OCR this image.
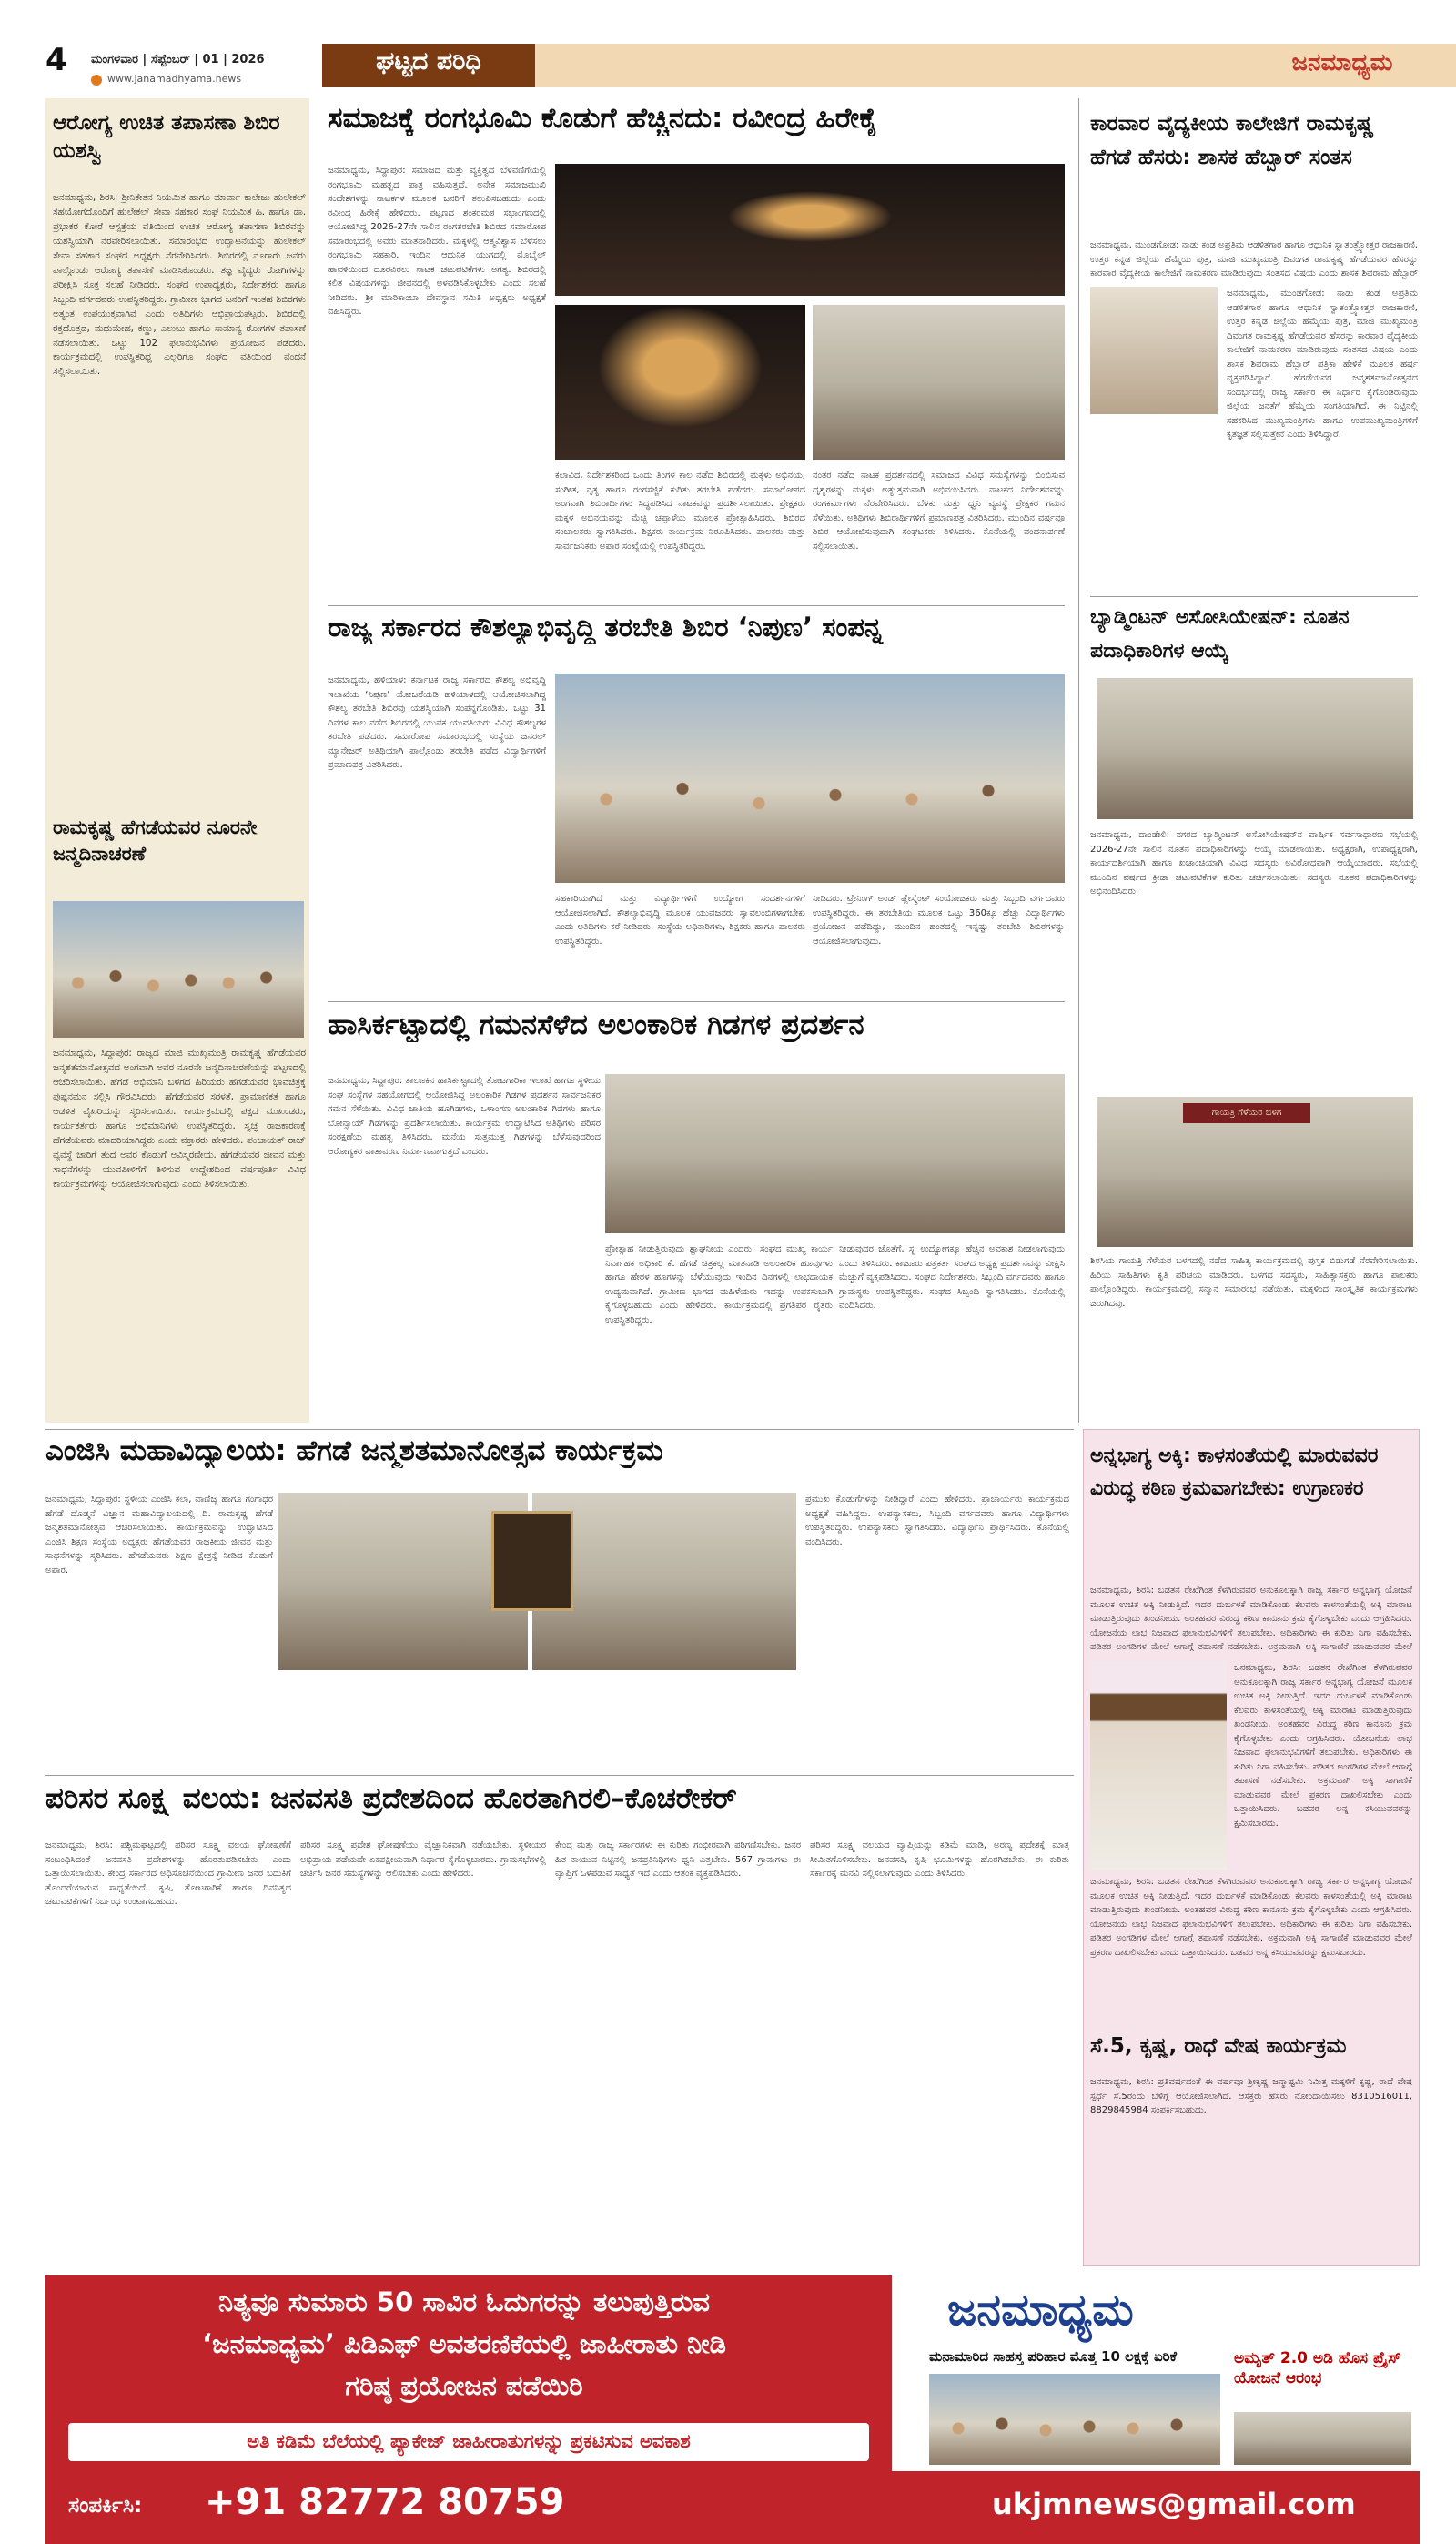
4 ಮಂಗಳವಾರ | ಸೆಪ್ಟೆಂಬರ್ | 01 | 2026
www.janamadhyama.news
ಘಟ್ಟದ ಪರಿಧಿ	ಜನಮಾಧ್ಯಮ
ಆರೋಗ್ಯ ಉಚಿತ ತಪಾಸಣಾ ಶಿಬಿರ ಯಶಸ್ವಿ
ಜನಮಾಧ್ಯಮ, ಶಿರಸಿ: ಶ್ರೀನಿಕೇತನ ನಿಯಮಿತ ಹಾಗೂ ಮಾರ್ವಾ ಕಾಲೇಜು ಹುಲೇಕಲ್ ಸಹಯೋಗದೊಂದಿಗೆ ಹುಲೇಕಲ್ ಸೇವಾ ಸಹಕಾರ ಸಂಘ ನಿಯಮಿತ ಹಿ. ಹಾಗೂ ಡಾ. ಪ್ರಭಾಕರ ಕೋರೆ ಆಸ್ಪತ್ರೆಯ ವತಿಯಿಂದ ಉಚಿತ ಆರೋಗ್ಯ ತಪಾಸಣಾ ಶಿಬಿರವನ್ನು ಯಶಸ್ವಿಯಾಗಿ ನೆರವೇರಿಸಲಾಯಿತು. ಸಮಾರಂಭದ ಉದ್ಘಾಟನೆಯನ್ನು ಹುಲೇಕಲ್ ಸೇವಾ ಸಹಕಾರ ಸಂಘದ ಅಧ್ಯಕ್ಷರು ನೆರವೇರಿಸಿದರು. ಶಿಬಿರದಲ್ಲಿ ನೂರಾರು ಜನರು ಪಾಲ್ಗೊಂಡು ಆರೋಗ್ಯ ತಪಾಸಣೆ ಮಾಡಿಸಿಕೊಂಡರು. ತಜ್ಞ ವೈದ್ಯರು ರೋಗಿಗಳನ್ನು ಪರೀಕ್ಷಿಸಿ ಸೂಕ್ತ ಸಲಹೆ ನೀಡಿದರು. ಸಂಘದ ಉಪಾಧ್ಯಕ್ಷರು, ನಿರ್ದೇಶಕರು ಹಾಗೂ ಸಿಬ್ಬಂದಿ ವರ್ಗದವರು ಉಪಸ್ಥಿತರಿದ್ದರು. ಗ್ರಾಮೀಣ ಭಾಗದ ಜನರಿಗೆ ಇಂತಹ ಶಿಬಿರಗಳು ಅತ್ಯಂತ ಉಪಯುಕ್ತವಾಗಿವೆ ಎಂದು ಅತಿಥಿಗಳು ಅಭಿಪ್ರಾಯಪಟ್ಟರು. ಶಿಬಿರದಲ್ಲಿ ರಕ್ತದೊತ್ತಡ, ಮಧುಮೇಹ, ಕಣ್ಣು, ಎಲುಬು ಹಾಗೂ ಸಾಮಾನ್ಯ ರೋಗಗಳ ತಪಾಸಣೆ ನಡೆಸಲಾಯಿತು. ಒಟ್ಟು 102 ಫಲಾನುಭವಿಗಳು ಪ್ರಯೋಜನ ಪಡೆದರು. ಕಾರ್ಯಕ್ರಮದಲ್ಲಿ ಉಪಸ್ಥಿತರಿದ್ದ ಎಲ್ಲರಿಗೂ ಸಂಘದ ವತಿಯಿಂದ ವಂದನೆ ಸಲ್ಲಿಸಲಾಯಿತು.
ರಾಮಕೃಷ್ಣ ಹೆಗಡೆಯವರ ನೂರನೇ ಜನ್ಮದಿನಾಚರಣೆ
ಜನಮಾಧ್ಯಮ, ಸಿದ್ದಾಪುರ: ರಾಜ್ಯದ ಮಾಜಿ ಮುಖ್ಯಮಂತ್ರಿ ರಾಮಕೃಷ್ಣ ಹೆಗಡೆಯವರ ಜನ್ಮಶತಮಾನೋತ್ಸವದ ಅಂಗವಾಗಿ ಅವರ ನೂರನೇ ಜನ್ಮದಿನಾಚರಣೆಯನ್ನು ಪಟ್ಟಣದಲ್ಲಿ ಆಚರಿಸಲಾಯಿತು. ಹೆಗಡೆ ಅಭಿಮಾನಿ ಬಳಗದ ಹಿರಿಯರು ಹೆಗಡೆಯವರ ಭಾವಚಿತ್ರಕ್ಕೆ ಪುಷ್ಪನಮನ ಸಲ್ಲಿಸಿ ಗೌರವಿಸಿದರು. ಹೆಗಡೆಯವರ ಸರಳತೆ, ಪ್ರಾಮಾಣಿಕತೆ ಹಾಗೂ ಆಡಳಿತ ವೈಖರಿಯನ್ನು ಸ್ಮರಿಸಲಾಯಿತು. ಕಾರ್ಯಕ್ರಮದಲ್ಲಿ ಪಕ್ಷದ ಮುಖಂಡರು, ಕಾರ್ಯಕರ್ತರು ಹಾಗೂ ಅಭಿಮಾನಿಗಳು ಉಪಸ್ಥಿತರಿದ್ದರು. ಸ್ವಚ್ಛ ರಾಜಕಾರಣಕ್ಕೆ ಹೆಗಡೆಯವರು ಮಾದರಿಯಾಗಿದ್ದರು ಎಂದು ವಕ್ತಾರರು ಹೇಳಿದರು. ಪಂಚಾಯತ್ ರಾಜ್ ವ್ಯವಸ್ಥೆ ಜಾರಿಗೆ ತಂದ ಅವರ ಕೊಡುಗೆ ಅವಿಸ್ಮರಣೀಯ. ಹೆಗಡೆಯವರ ಜೀವನ ಮತ್ತು ಸಾಧನೆಗಳನ್ನು ಯುವಪೀಳಿಗೆಗೆ ತಿಳಿಸುವ ಉದ್ದೇಶದಿಂದ ವರ್ಷಪೂರ್ತಿ ವಿವಿಧ ಕಾರ್ಯಕ್ರಮಗಳನ್ನು ಆಯೋಜಿಸಲಾಗುವುದು ಎಂದು ತಿಳಿಸಲಾಯಿತು.
ಸಮಾಜಕ್ಕೆ ರಂಗಭೂಮಿ ಕೊಡುಗೆ ಹೆಚ್ಚಿನದು: ರವೀಂದ್ರ ಹಿರೇಕೈ
ಜನಮಾಧ್ಯಮ, ಸಿದ್ದಾಪುರ: ಸಮಾಜದ ಮತ್ತು ವ್ಯಕ್ತಿತ್ವದ ಬೆಳವಣಿಗೆಯಲ್ಲಿ ರಂಗಭೂಮಿ ಮಹತ್ವದ ಪಾತ್ರ ವಹಿಸುತ್ತದೆ. ಅನೇಕ ಸಮಾಜಮುಖಿ ಸಂದೇಶಗಳನ್ನು ನಾಟಕಗಳ ಮೂಲಕ ಜನರಿಗೆ ತಲುಪಿಸಬಹುದು ಎಂದು ರವೀಂದ್ರ ಹಿರೇಕೈ ಹೇಳಿದರು. ಪಟ್ಟಣದ ಶಂಕರಮಠ ಸಭಾಂಗಣದಲ್ಲಿ ಆಯೋಜಿಸಿದ್ದ 2026-27ನೇ ಸಾಲಿನ ರಂಗತರಬೇತಿ ಶಿಬಿರದ ಸಮಾರೋಪ ಸಮಾರಂಭದಲ್ಲಿ ಅವರು ಮಾತನಾಡಿದರು. ಮಕ್ಕಳಲ್ಲಿ ಆತ್ಮವಿಶ್ವಾಸ ಬೆಳೆಸಲು ರಂಗಭೂಮಿ ಸಹಕಾರಿ. ಇಂದಿನ ಆಧುನಿಕ ಯುಗದಲ್ಲಿ ಮೊಬೈಲ್ ಹಾವಳಿಯಿಂದ ದೂರವಿರಲು ನಾಟಕ ಚಟುವಟಿಕೆಗಳು ಅಗತ್ಯ. ಶಿಬಿರದಲ್ಲಿ ಕಲಿತ ವಿಷಯಗಳನ್ನು ಜೀವನದಲ್ಲಿ ಅಳವಡಿಸಿಕೊಳ್ಳಬೇಕು ಎಂದು ಸಲಹೆ ನೀಡಿದರು. ಶ್ರೀ ಮಾರಿಕಾಂಬಾ ದೇವಸ್ಥಾನ ಸಮಿತಿ ಅಧ್ಯಕ್ಷರು ಅಧ್ಯಕ್ಷತೆ ವಹಿಸಿದ್ದರು.
ಕಲಾವಿದ, ನಿರ್ದೇಶಕರಿಂದ ಒಂದು ತಿಂಗಳ ಕಾಲ ನಡೆದ ಶಿಬಿರದಲ್ಲಿ ಮಕ್ಕಳು ಅಭಿನಯ, ಸಂಗೀತ, ನೃತ್ಯ ಹಾಗೂ ರಂಗಸಜ್ಜಿಕೆ ಕುರಿತು ತರಬೇತಿ ಪಡೆದರು. ಸಮಾರೋಪದ ಅಂಗವಾಗಿ ಶಿಬಿರಾರ್ಥಿಗಳು ಸಿದ್ಧಪಡಿಸಿದ ನಾಟಕವನ್ನು ಪ್ರದರ್ಶಿಸಲಾಯಿತು. ಪ್ರೇಕ್ಷಕರು ಮಕ್ಕಳ ಅಭಿನಯವನ್ನು ಮೆಚ್ಚಿ ಚಪ್ಪಾಳೆಯ ಮೂಲಕ ಪ್ರೋತ್ಸಾಹಿಸಿದರು. ಶಿಬಿರದ ಸಂಚಾಲಕರು ಸ್ವಾಗತಿಸಿದರು. ಶಿಕ್ಷಕರು ಕಾರ್ಯಕ್ರಮ ನಿರೂಪಿಸಿದರು. ಪಾಲಕರು ಮತ್ತು ಸಾರ್ವಜನಿಕರು ಅಪಾರ ಸಂಖ್ಯೆಯಲ್ಲಿ ಉಪಸ್ಥಿತರಿದ್ದರು.
ನಂತರ ನಡೆದ ನಾಟಕ ಪ್ರದರ್ಶನದಲ್ಲಿ ಸಮಾಜದ ವಿವಿಧ ಸಮಸ್ಯೆಗಳನ್ನು ಬಿಂಬಿಸುವ ದೃಶ್ಯಗಳನ್ನು ಮಕ್ಕಳು ಅತ್ಯುತ್ತಮವಾಗಿ ಅಭಿನಯಿಸಿದರು. ನಾಟಕದ ನಿರ್ದೇಶನವನ್ನು ರಂಗಕರ್ಮಿಗಳು ನೆರವೇರಿಸಿದರು. ಬೆಳಕು ಮತ್ತು ಧ್ವನಿ ವ್ಯವಸ್ಥೆ ಪ್ರೇಕ್ಷಕರ ಗಮನ ಸೆಳೆಯಿತು. ಅತಿಥಿಗಳು ಶಿಬಿರಾರ್ಥಿಗಳಿಗೆ ಪ್ರಮಾಣಪತ್ರ ವಿತರಿಸಿದರು. ಮುಂದಿನ ವರ್ಷವೂ ಶಿಬಿರ ಆಯೋಜಿಸುವುದಾಗಿ ಸಂಘಟಕರು ತಿಳಿಸಿದರು. ಕೊನೆಯಲ್ಲಿ ವಂದನಾರ್ಪಣೆ ಸಲ್ಲಿಸಲಾಯಿತು.
ರಾಜ್ಯ ಸರ್ಕಾರದ ಕೌಶಲ್ಯಾಭಿವೃದ್ಧಿ ತರಬೇತಿ ಶಿಬಿರ ‘ನಿಪುಣ’ ಸಂಪನ್ನ
ಜನಮಾಧ್ಯಮ, ಹಳಿಯಾಳ: ಕರ್ನಾಟಕ ರಾಜ್ಯ ಸರ್ಕಾರದ ಕೌಶಲ್ಯ ಅಭಿವೃದ್ಧಿ ಇಲಾಖೆಯ ‘ನಿಪುಣ’ ಯೋಜನೆಯಡಿ ಹಳಿಯಾಳದಲ್ಲಿ ಆಯೋಜಿಸಲಾಗಿದ್ದ ಕೌಶಲ್ಯ ತರಬೇತಿ ಶಿಬಿರವು ಯಶಸ್ವಿಯಾಗಿ ಸಂಪನ್ನಗೊಂಡಿತು. ಒಟ್ಟು 31 ದಿನಗಳ ಕಾಲ ನಡೆದ ಶಿಬಿರದಲ್ಲಿ ಯುವಕ ಯುವತಿಯರು ವಿವಿಧ ಕೌಶಲ್ಯಗಳ ತರಬೇತಿ ಪಡೆದರು. ಸಮಾರೋಪ ಸಮಾರಂಭದಲ್ಲಿ ಸಂಸ್ಥೆಯ ಜನರಲ್ ಮ್ಯಾನೇಜರ್ ಅತಿಥಿಯಾಗಿ ಪಾಲ್ಗೊಂಡು ತರಬೇತಿ ಪಡೆದ ವಿದ್ಯಾರ್ಥಿಗಳಿಗೆ ಪ್ರಮಾಣಪತ್ರ ವಿತರಿಸಿದರು.
ಸಹಕಾರಿಯಾಗಿದೆ ಮತ್ತು ವಿದ್ಯಾರ್ಥಿಗಳಿಗೆ ಉದ್ಯೋಗ ಸಂದರ್ಶನಗಳಿಗೆ ಆಯೋಜಿಸಲಾಗಿದೆ. ಕೌಶಲ್ಯಾಭಿವೃದ್ಧಿ ಮೂಲಕ ಯುವಜನರು ಸ್ವಾವಲಂಬಿಗಳಾಗಬೇಕು ಎಂದು ಅತಿಥಿಗಳು ಕರೆ ನೀಡಿದರು. ಸಂಸ್ಥೆಯ ಅಧಿಕಾರಿಗಳು, ಶಿಕ್ಷಕರು ಹಾಗೂ ಪಾಲಕರು ಉಪಸ್ಥಿತರಿದ್ದರು.
ನೀಡಿದರು. ಟ್ರೇನಿಂಗ್ ಅಂಡ್ ಪ್ಲೇಸ್ಮೆಂಟ್ ಸಂಯೋಜಕರು ಮತ್ತು ಸಿಬ್ಬಂದಿ ವರ್ಗದವರು ಉಪಸ್ಥಿತರಿದ್ದರು. ಈ ತರಬೇತಿಯ ಮೂಲಕ ಒಟ್ಟು 360ಕ್ಕೂ ಹೆಚ್ಚು ವಿದ್ಯಾರ್ಥಿಗಳು ಪ್ರಯೋಜನ ಪಡೆದಿದ್ದು, ಮುಂದಿನ ಹಂತದಲ್ಲಿ ಇನ್ನಷ್ಟು ತರಬೇತಿ ಶಿಬಿರಗಳನ್ನು ಆಯೋಜಿಸಲಾಗುವುದು.
ಹಾಸಿರ್ಕಟ್ಟಾದಲ್ಲಿ ಗಮನಸೆಳೆದ ಅಲಂಕಾರಿಕ ಗಿಡಗಳ ಪ್ರದರ್ಶನ
ಜನಮಾಧ್ಯಮ, ಸಿದ್ದಾಪುರ: ತಾಲೂಕಿನ ಹಾಸಿರ್ಕಟ್ಟಾದಲ್ಲಿ ತೋಟಗಾರಿಕಾ ಇಲಾಖೆ ಹಾಗೂ ಸ್ಥಳೀಯ ಸಂಘ ಸಂಸ್ಥೆಗಳ ಸಹಯೋಗದಲ್ಲಿ ಆಯೋಜಿಸಿದ್ದ ಅಲಂಕಾರಿಕ ಗಿಡಗಳ ಪ್ರದರ್ಶನ ಸಾರ್ವಜನಿಕರ ಗಮನ ಸೆಳೆಯಿತು. ವಿವಿಧ ಜಾತಿಯ ಹೂಗಿಡಗಳು, ಒಳಾಂಗಣ ಅಲಂಕಾರಿಕ ಗಿಡಗಳು ಹಾಗೂ ಬೋನ್ಸಾಯ್ ಗಿಡಗಳನ್ನು ಪ್ರದರ್ಶಿಸಲಾಯಿತು. ಕಾರ್ಯಕ್ರಮ ಉದ್ಘಾಟಿಸಿದ ಅತಿಥಿಗಳು ಪರಿಸರ ಸಂರಕ್ಷಣೆಯ ಮಹತ್ವ ತಿಳಿಸಿದರು. ಮನೆಯ ಸುತ್ತಮುತ್ತ ಗಿಡಗಳನ್ನು ಬೆಳೆಸುವುದರಿಂದ ಆರೋಗ್ಯಕರ ವಾತಾವರಣ ನಿರ್ಮಾಣವಾಗುತ್ತದೆ ಎಂದರು.
ಪ್ರೋತ್ಸಾಹ ನೀಡುತ್ತಿರುವುದು ಶ್ಲಾಘನೀಯ ಎಂದರು. ಸಂಘದ ಮುಖ್ಯ ಕಾರ್ಯ ನಿರ್ವಾಹಕ ಅಧಿಕಾರಿ ಕೆ. ಹೆಗಡೆ ಚಿತ್ರಕಲ್ಲ ಮಾತನಾಡಿ ಅಲಂಕಾರಿಕ ಹೂವುಗಳು ಹಾಗೂ ಹೇರಳ ಹೂಗಳನ್ನು ಬೆಳೆಯುವುದು ಇಂದಿನ ದಿನಗಳಲ್ಲಿ ಲಾಭದಾಯಕ ಉದ್ಯಮವಾಗಿದೆ. ಗ್ರಾಮೀಣ ಭಾಗದ ಮಹಿಳೆಯರು ಇದನ್ನು ಉಪಕಸುಬಾಗಿ ಕೈಗೊಳ್ಳಬಹುದು ಎಂದು ಹೇಳಿದರು. ಕಾರ್ಯಕ್ರಮದಲ್ಲಿ ಪ್ರಗತಿಪರ ರೈತರು ಉಪಸ್ಥಿತರಿದ್ದರು.
ನೀಡುವುದರ ಜೊತೆಗೆ, ಸ್ವ ಉದ್ಯೋಗಕ್ಕೂ ಹೆಚ್ಚಿನ ಅವಕಾಶ ನೀಡಲಾಗುವುದು ಎಂದು ತಿಳಿಸಿದರು. ಕಾಜೂರು ಪತ್ರಕರ್ತ ಸಂಘದ ಅಧ್ಯಕ್ಷ ಪ್ರದರ್ಶನವನ್ನು ವೀಕ್ಷಿಸಿ ಮೆಚ್ಚುಗೆ ವ್ಯಕ್ತಪಡಿಸಿದರು. ಸಂಘದ ನಿರ್ದೇಶಕರು, ಸಿಬ್ಬಂದಿ ವರ್ಗದವರು ಹಾಗೂ ಗ್ರಾಮಸ್ಥರು ಉಪಸ್ಥಿತರಿದ್ದರು. ಸಂಘದ ಸಿಬ್ಬಂದಿ ಸ್ವಾಗತಿಸಿದರು. ಕೊನೆಯಲ್ಲಿ ವಂದಿಸಿದರು.
ಕಾರವಾರ ವೈದ್ಯಕೀಯ ಕಾಲೇಜಿಗೆ ರಾಮಕೃಷ್ಣ ಹೆಗಡೆ ಹೆಸರು: ಶಾಸಕ ಹೆಬ್ಬಾರ್ ಸಂತಸ
ಜನಮಾಧ್ಯಮ, ಮುಂಡಗೋಡ: ನಾಡು ಕಂಡ ಅಪ್ರತಿಮ ಆಡಳಿತಗಾರ ಹಾಗೂ ಆಧುನಿಕ ಸ್ವಾತಂತ್ರ್ಯೋತ್ತರ ರಾಜಕಾರಣಿ, ಉತ್ತರ ಕನ್ನಡ ಜಿಲ್ಲೆಯ ಹೆಮ್ಮೆಯ ಪುತ್ರ, ಮಾಜಿ ಮುಖ್ಯಮಂತ್ರಿ ದಿವಂಗತ ರಾಮಕೃಷ್ಣ ಹೆಗಡೆಯವರ ಹೆಸರನ್ನು ಕಾರವಾರ ವೈದ್ಯಕೀಯ ಕಾಲೇಜಿಗೆ ನಾಮಕರಣ ಮಾಡಿರುವುದು ಸಂತಸದ ವಿಷಯ ಎಂದು ಶಾಸಕ ಶಿವರಾಮ ಹೆಬ್ಬಾರ್
ಜನಮಾಧ್ಯಮ, ಮುಂಡಗೋಡ: ನಾಡು ಕಂಡ ಅಪ್ರತಿಮ ಆಡಳಿತಗಾರ ಹಾಗೂ ಆಧುನಿಕ ಸ್ವಾತಂತ್ರ್ಯೋತ್ತರ ರಾಜಕಾರಣಿ, ಉತ್ತರ ಕನ್ನಡ ಜಿಲ್ಲೆಯ ಹೆಮ್ಮೆಯ ಪುತ್ರ, ಮಾಜಿ ಮುಖ್ಯಮಂತ್ರಿ ದಿವಂಗತ ರಾಮಕೃಷ್ಣ ಹೆಗಡೆಯವರ ಹೆಸರನ್ನು ಕಾರವಾರ ವೈದ್ಯಕೀಯ ಕಾಲೇಜಿಗೆ ನಾಮಕರಣ ಮಾಡಿರುವುದು ಸಂತಸದ ವಿಷಯ ಎಂದು ಶಾಸಕ ಶಿವರಾಮ ಹೆಬ್ಬಾರ್ ಪತ್ರಿಕಾ ಹೇಳಿಕೆ ಮೂಲಕ ಹರ್ಷ ವ್ಯಕ್ತಪಡಿಸಿದ್ದಾರೆ. ಹೆಗಡೆಯವರ ಜನ್ಮಶತಮಾನೋತ್ಸವದ ಸಂದರ್ಭದಲ್ಲಿ ರಾಜ್ಯ ಸರ್ಕಾರ ಈ ನಿರ್ಧಾರ ಕೈಗೊಂಡಿರುವುದು ಜಿಲ್ಲೆಯ ಜನತೆಗೆ ಹೆಮ್ಮೆಯ ಸಂಗತಿಯಾಗಿದೆ. ಈ ನಿಟ್ಟಿನಲ್ಲಿ ಸಹಕರಿಸಿದ ಮುಖ್ಯಮಂತ್ರಿಗಳು ಹಾಗೂ ಉಪಮುಖ್ಯಮಂತ್ರಿಗಳಿಗೆ ಕೃತಜ್ಞತೆ ಸಲ್ಲಿಸುತ್ತೇನೆ ಎಂದು ತಿಳಿಸಿದ್ದಾರೆ.
ಬ್ಯಾಡ್ಮಿಂಟನ್ ಅಸೋಸಿಯೇಷನ್: ನೂತನ ಪದಾಧಿಕಾರಿಗಳ ಆಯ್ಕೆ
ಜನಮಾಧ್ಯಮ, ದಾಂಡೇಲಿ: ನಗರದ ಬ್ಯಾಡ್ಮಿಂಟನ್ ಅಸೋಸಿಯೇಷನ್‌ನ ವಾರ್ಷಿಕ ಸರ್ವಸಾಧಾರಣ ಸಭೆಯಲ್ಲಿ 2026-27ನೇ ಸಾಲಿನ ನೂತನ ಪದಾಧಿಕಾರಿಗಳನ್ನು ಆಯ್ಕೆ ಮಾಡಲಾಯಿತು. ಅಧ್ಯಕ್ಷರಾಗಿ, ಉಪಾಧ್ಯಕ್ಷರಾಗಿ, ಕಾರ್ಯದರ್ಶಿಯಾಗಿ ಹಾಗೂ ಖಜಾಂಚಿಯಾಗಿ ವಿವಿಧ ಸದಸ್ಯರು ಅವಿರೋಧವಾಗಿ ಆಯ್ಕೆಯಾದರು. ಸಭೆಯಲ್ಲಿ ಮುಂದಿನ ವರ್ಷದ ಕ್ರೀಡಾ ಚಟುವಟಿಕೆಗಳ ಕುರಿತು ಚರ್ಚಿಸಲಾಯಿತು. ಸದಸ್ಯರು ನೂತನ ಪದಾಧಿಕಾರಿಗಳನ್ನು ಅಭಿನಂದಿಸಿದರು.
ಗಾಯತ್ರಿ ಗೆಳೆಯರ ಬಳಗ
ಶಿರಸಿಯ ಗಾಯತ್ರಿ ಗೆಳೆಯರ ಬಳಗದಲ್ಲಿ ನಡೆದ ಸಾಹಿತ್ಯ ಕಾರ್ಯಕ್ರಮದಲ್ಲಿ ಪುಸ್ತಕ ಬಿಡುಗಡೆ ನೆರವೇರಿಸಲಾಯಿತು. ಹಿರಿಯ ಸಾಹಿತಿಗಳು ಕೃತಿ ಪರಿಚಯ ಮಾಡಿದರು. ಬಳಗದ ಸದಸ್ಯರು, ಸಾಹಿತ್ಯಾಸಕ್ತರು ಹಾಗೂ ಪಾಲಕರು ಪಾಲ್ಗೊಂಡಿದ್ದರು. ಕಾರ್ಯಕ್ರಮದಲ್ಲಿ ಸನ್ಮಾನ ಸಮಾರಂಭ ನಡೆಯಿತು. ಮಕ್ಕಳಿಂದ ಸಾಂಸ್ಕೃತಿಕ ಕಾರ್ಯಕ್ರಮಗಳು ಜರುಗಿದವು.
ಎಂಜಿಸಿ ಮಹಾವಿದ್ಯಾಲಯ: ಹೆಗಡೆ ಜನ್ಮಶತಮಾನೋತ್ಸವ ಕಾರ್ಯಕ್ರಮ
ಜನಮಾಧ್ಯಮ, ಸಿದ್ದಾಪುರ: ಸ್ಥಳೀಯ ಎಂಜಿಸಿ ಕಲಾ, ವಾಣಿಜ್ಯ ಹಾಗೂ ಗಂಗಾಧರ ಹೆಗಡೆ ದೊಡ್ಮನೆ ವಿಜ್ಞಾನ ಮಹಾವಿದ್ಯಾಲಯದಲ್ಲಿ ದಿ. ರಾಮಕೃಷ್ಣ ಹೆಗಡೆ ಜನ್ಮಶತಮಾನೋತ್ಸವ ಆಚರಿಸಲಾಯಿತು. ಕಾರ್ಯಕ್ರಮವನ್ನು ಉದ್ಘಾಟಿಸಿದ ಎಂಜಿಸಿ ಶಿಕ್ಷಣ ಸಂಸ್ಥೆಯ ಅಧ್ಯಕ್ಷರು ಹೆಗಡೆಯವರ ರಾಜಕೀಯ ಜೀವನ ಮತ್ತು ಸಾಧನೆಗಳನ್ನು ಸ್ಮರಿಸಿದರು. ಹೆಗಡೆಯವರು ಶಿಕ್ಷಣ ಕ್ಷೇತ್ರಕ್ಕೆ ನೀಡಿದ ಕೊಡುಗೆ ಅಪಾರ.
ಪ್ರಮುಖ ಕೊಡುಗೆಗಳನ್ನು ನೀಡಿದ್ದಾರೆ ಎಂದು ಹೇಳಿದರು. ಪ್ರಾಚಾರ್ಯರು ಕಾರ್ಯಕ್ರಮದ ಅಧ್ಯಕ್ಷತೆ ವಹಿಸಿದ್ದರು. ಉಪನ್ಯಾಸಕರು, ಸಿಬ್ಬಂದಿ ವರ್ಗದವರು ಹಾಗೂ ವಿದ್ಯಾರ್ಥಿಗಳು ಉಪಸ್ಥಿತರಿದ್ದರು. ಉಪನ್ಯಾಸಕರು ಸ್ವಾಗತಿಸಿದರು. ವಿದ್ಯಾರ್ಥಿನಿ ಪ್ರಾರ್ಥಿಸಿದರು. ಕೊನೆಯಲ್ಲಿ ವಂದಿಸಿದರು.
ಪರಿಸರ ಸೂಕ್ಷ್ಮ ವಲಯ: ಜನವಸತಿ ಪ್ರದೇಶದಿಂದ ಹೊರತಾಗಿರಲಿ–ಕೊಚರೇಕರ್
ಜನಮಾಧ್ಯಮ, ಶಿರಸಿ: ಪಶ್ಚಿಮಘಟ್ಟದಲ್ಲಿ ಪರಿಸರ ಸೂಕ್ಷ್ಮ ವಲಯ ಘೋಷಣೆಗೆ ಸಂಬಂಧಿಸಿದಂತೆ ಜನವಸತಿ ಪ್ರದೇಶಗಳನ್ನು ಹೊರತುಪಡಿಸಬೇಕು ಎಂದು ಒತ್ತಾಯಿಸಲಾಯಿತು. ಕೇಂದ್ರ ಸರ್ಕಾರದ ಅಧಿಸೂಚನೆಯಿಂದ ಗ್ರಾಮೀಣ ಜನರ ಬದುಕಿಗೆ ತೊಂದರೆಯಾಗುವ ಸಾಧ್ಯತೆಯಿದೆ. ಕೃಷಿ, ತೋಟಗಾರಿಕೆ ಹಾಗೂ ದಿನನಿತ್ಯದ ಚಟುವಟಿಕೆಗಳಿಗೆ ನಿರ್ಬಂಧ ಉಂಟಾಗಬಹುದು.
ಪರಿಸರ ಸೂಕ್ಷ್ಮ ಪ್ರದೇಶ ಘೋಷಣೆಯು ವೈಜ್ಞಾನಿಕವಾಗಿ ನಡೆಯಬೇಕು. ಸ್ಥಳೀಯರ ಅಭಿಪ್ರಾಯ ಪಡೆಯದೇ ಏಕಪಕ್ಷೀಯವಾಗಿ ನಿರ್ಧಾರ ಕೈಗೊಳ್ಳಬಾರದು. ಗ್ರಾಮಸಭೆಗಳಲ್ಲಿ ಚರ್ಚಿಸಿ ಜನರ ಸಮಸ್ಯೆಗಳನ್ನು ಆಲಿಸಬೇಕು ಎಂದು ಹೇಳಿದರು.
ಕೇಂದ್ರ ಮತ್ತು ರಾಜ್ಯ ಸರ್ಕಾರಗಳು ಈ ಕುರಿತು ಗಂಭೀರವಾಗಿ ಪರಿಗಣಿಸಬೇಕು. ಜನರ ಹಿತ ಕಾಯುವ ನಿಟ್ಟಿನಲ್ಲಿ ಜನಪ್ರತಿನಿಧಿಗಳು ಧ್ವನಿ ಎತ್ತಬೇಕು. 567 ಗ್ರಾಮಗಳು ಈ ವ್ಯಾಪ್ತಿಗೆ ಒಳಪಡುವ ಸಾಧ್ಯತೆ ಇದೆ ಎಂದು ಆತಂಕ ವ್ಯಕ್ತಪಡಿಸಿದರು.
ಪರಿಸರ ಸೂಕ್ಷ್ಮ ವಲಯದ ವ್ಯಾಪ್ತಿಯನ್ನು ಕಡಿಮೆ ಮಾಡಿ, ಅರಣ್ಯ ಪ್ರದೇಶಕ್ಕೆ ಮಾತ್ರ ಸೀಮಿತಗೊಳಿಸಬೇಕು. ಜನವಸತಿ, ಕೃಷಿ ಭೂಮಿಗಳನ್ನು ಹೊರಗಿಡಬೇಕು. ಈ ಕುರಿತು ಸರ್ಕಾರಕ್ಕೆ ಮನವಿ ಸಲ್ಲಿಸಲಾಗುವುದು ಎಂದು ತಿಳಿಸಿದರು.
ಅನ್ನಭಾಗ್ಯ ಅಕ್ಕಿ: ಕಾಳಸಂತೆಯಲ್ಲಿ ಮಾರುವವರ ವಿರುದ್ಧ ಕಠಿಣ ಕ್ರಮವಾಗಬೇಕು: ಉಗ್ರಾಣಕರ
ಜನಮಾಧ್ಯಮ, ಶಿರಸಿ: ಬಡತನ ರೇಖೆಗಿಂತ ಕೆಳಗಿರುವವರ ಅನುಕೂಲಕ್ಕಾಗಿ ರಾಜ್ಯ ಸರ್ಕಾರ ಅನ್ನಭಾಗ್ಯ ಯೋಜನೆ ಮೂಲಕ ಉಚಿತ ಅಕ್ಕಿ ನೀಡುತ್ತಿದೆ. ಇದರ ದುರ್ಬಳಕೆ ಮಾಡಿಕೊಂಡು ಕೆಲವರು ಕಾಳಸಂತೆಯಲ್ಲಿ ಅಕ್ಕಿ ಮಾರಾಟ ಮಾಡುತ್ತಿರುವುದು ಖಂಡನೀಯ. ಅಂತಹವರ ವಿರುದ್ಧ ಕಠಿಣ ಕಾನೂನು ಕ್ರಮ ಕೈಗೊಳ್ಳಬೇಕು ಎಂದು ಆಗ್ರಹಿಸಿದರು. ಯೋಜನೆಯ ಲಾಭ ನಿಜವಾದ ಫಲಾನುಭವಿಗಳಿಗೆ ತಲುಪಬೇಕು. ಅಧಿಕಾರಿಗಳು ಈ ಕುರಿತು ನಿಗಾ ವಹಿಸಬೇಕು. ಪಡಿತರ ಅಂಗಡಿಗಳ ಮೇಲೆ ಆಗಾಗ್ಗೆ ತಪಾಸಣೆ ನಡೆಸಬೇಕು. ಅಕ್ರಮವಾಗಿ ಅಕ್ಕಿ ಸಾಗಾಣಿಕೆ ಮಾಡುವವರ ಮೇಲೆ
ಜನಮಾಧ್ಯಮ, ಶಿರಸಿ: ಬಡತನ ರೇಖೆಗಿಂತ ಕೆಳಗಿರುವವರ ಅನುಕೂಲಕ್ಕಾಗಿ ರಾಜ್ಯ ಸರ್ಕಾರ ಅನ್ನಭಾಗ್ಯ ಯೋಜನೆ ಮೂಲಕ ಉಚಿತ ಅಕ್ಕಿ ನೀಡುತ್ತಿದೆ. ಇದರ ದುರ್ಬಳಕೆ ಮಾಡಿಕೊಂಡು ಕೆಲವರು ಕಾಳಸಂತೆಯಲ್ಲಿ ಅಕ್ಕಿ ಮಾರಾಟ ಮಾಡುತ್ತಿರುವುದು ಖಂಡನೀಯ. ಅಂತಹವರ ವಿರುದ್ಧ ಕಠಿಣ ಕಾನೂನು ಕ್ರಮ ಕೈಗೊಳ್ಳಬೇಕು ಎಂದು ಆಗ್ರಹಿಸಿದರು. ಯೋಜನೆಯ ಲಾಭ ನಿಜವಾದ ಫಲಾನುಭವಿಗಳಿಗೆ ತಲುಪಬೇಕು. ಅಧಿಕಾರಿಗಳು ಈ ಕುರಿತು ನಿಗಾ ವಹಿಸಬೇಕು. ಪಡಿತರ ಅಂಗಡಿಗಳ ಮೇಲೆ ಆಗಾಗ್ಗೆ ತಪಾಸಣೆ ನಡೆಸಬೇಕು. ಅಕ್ರಮವಾಗಿ ಅಕ್ಕಿ ಸಾಗಾಣಿಕೆ ಮಾಡುವವರ ಮೇಲೆ ಪ್ರಕರಣ ದಾಖಲಿಸಬೇಕು ಎಂದು ಒತ್ತಾಯಿಸಿದರು. ಬಡವರ ಅನ್ನ ಕಸಿಯುವವರನ್ನು ಕ್ಷಮಿಸಬಾರದು.
ಜನಮಾಧ್ಯಮ, ಶಿರಸಿ: ಬಡತನ ರೇಖೆಗಿಂತ ಕೆಳಗಿರುವವರ ಅನುಕೂಲಕ್ಕಾಗಿ ರಾಜ್ಯ ಸರ್ಕಾರ ಅನ್ನಭಾಗ್ಯ ಯೋಜನೆ ಮೂಲಕ ಉಚಿತ ಅಕ್ಕಿ ನೀಡುತ್ತಿದೆ. ಇದರ ದುರ್ಬಳಕೆ ಮಾಡಿಕೊಂಡು ಕೆಲವರು ಕಾಳಸಂತೆಯಲ್ಲಿ ಅಕ್ಕಿ ಮಾರಾಟ ಮಾಡುತ್ತಿರುವುದು ಖಂಡನೀಯ. ಅಂತಹವರ ವಿರುದ್ಧ ಕಠಿಣ ಕಾನೂನು ಕ್ರಮ ಕೈಗೊಳ್ಳಬೇಕು ಎಂದು ಆಗ್ರಹಿಸಿದರು. ಯೋಜನೆಯ ಲಾಭ ನಿಜವಾದ ಫಲಾನುಭವಿಗಳಿಗೆ ತಲುಪಬೇಕು. ಅಧಿಕಾರಿಗಳು ಈ ಕುರಿತು ನಿಗಾ ವಹಿಸಬೇಕು. ಪಡಿತರ ಅಂಗಡಿಗಳ ಮೇಲೆ ಆಗಾಗ್ಗೆ ತಪಾಸಣೆ ನಡೆಸಬೇಕು. ಅಕ್ರಮವಾಗಿ ಅಕ್ಕಿ ಸಾಗಾಣಿಕೆ ಮಾಡುವವರ ಮೇಲೆ ಪ್ರಕರಣ ದಾಖಲಿಸಬೇಕು ಎಂದು ಒತ್ತಾಯಿಸಿದರು. ಬಡವರ ಅನ್ನ ಕಸಿಯುವವರನ್ನು ಕ್ಷಮಿಸಬಾರದು.
ಸೆ.5, ಕೃಷ್ಣ, ರಾಧೆ ವೇಷ ಕಾರ್ಯಕ್ರಮ
ಜನಮಾಧ್ಯಮ, ಶಿರಸಿ: ಪ್ರತಿವರ್ಷದಂತೆ ಈ ವರ್ಷವೂ ಶ್ರೀಕೃಷ್ಣ ಜನ್ಮಾಷ್ಟಮಿ ನಿಮಿತ್ತ ಮಕ್ಕಳಿಗೆ ಕೃಷ್ಣ, ರಾಧೆ ವೇಷ ಸ್ಪರ್ಧೆ ಸೆ.5ರಂದು ಬೆಳಿಗ್ಗೆ ಆಯೋಜಿಸಲಾಗಿದೆ. ಆಸಕ್ತರು ಹೆಸರು ನೋಂದಾಯಿಸಲು 8310516011, 8829845984 ಸಂಪರ್ಕಿಸಬಹುದು.
ನಿತ್ಯವೂ ಸುಮಾರು 50 ಸಾವಿರ ಓದುಗರನ್ನು ತಲುಪುತ್ತಿರುವ
‘ಜನಮಾಧ್ಯಮ’ ಪಿಡಿಎಫ್ ಅವತರಣಿಕೆಯಲ್ಲಿ ಜಾಹೀರಾತು ನೀಡಿ
ಗರಿಷ್ಠ ಪ್ರಯೋಜನ ಪಡೆಯಿರಿ
ಅತಿ ಕಡಿಮೆ ಬೆಲೆಯಲ್ಲಿ ಪ್ಯಾಕೇಜ್ ಜಾಹೀರಾತುಗಳನ್ನು ಪ್ರಕಟಿಸುವ ಅವಕಾಶ
ಸಂಪರ್ಕಿಸಿ: +91 82772 80759	ukjmnews@gmail.com
ಜನಮಾಧ್ಯಮ
ಮನಾಮಾರಿದ ಸಾಹಸ್ತ ಪರಿಹಾರ ಮೊತ್ತ 10 ಲಕ್ಷಕ್ಕೆ ಏರಿಕೆ	ಅಮೃತ್ 2.0 ಅಡಿ ಹೊಸ ಪ್ರೈಸ್ ಯೋಜನೆ ಆರಂಭ
